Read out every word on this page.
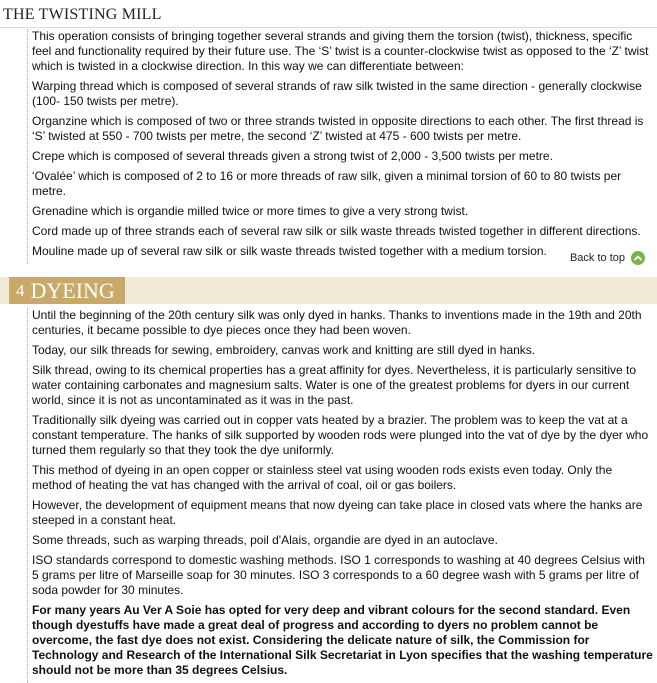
THE TWISTING MILL

This operation consists of bringing together several strands and giving them the torsion (twist), thickness, specific feel and functionality required by their future use. The ‘S’ twist is a counter-clockwise twist as opposed to the ‘Z’ twist which is twisted in a clockwise direction. In this way we can differentiate between:

Warping thread which is composed of several strands of raw silk twisted in the same direction - generally clockwise (100- 150 twists per metre).

Organzine which is composed of two or three strands twisted in opposite directions to each other. The first thread is ‘S’ twisted at 550 - 700 twists per metre, the second ‘Z’ twisted at 475 - 600 twists per metre.

Crepe which is composed of several threads given a strong twist of 2,000 - 3,500 twists per metre.

‘Ovalée’ which is composed of 2 to 16 or more threads of raw silk, given a minimal torsion of 60 to 80 twists per metre.

Grenadine which is organdie milled twice or more times to give a very strong twist.

Cord made up of three strands each of several raw silk or silk waste threads twisted together in different directions.

Mouline made up of several raw silk or silk waste threads twisted together with a medium torsion.	Back to top
4 DYEING

Until the beginning of the 20th century silk was only dyed in hanks. Thanks to inventions made in the 19th and 20th centuries, it became possible to dye pieces once they had been woven.

Today, our silk threads for sewing, embroidery, canvas work and knitting are still dyed in hanks.

Silk thread, owing to its chemical properties has a great affinity for dyes. Nevertheless, it is particularly sensitive to water containing carbonates and magnesium salts. Water is one of the greatest problems for dyers in our current world, since it is not as uncontaminated as it was in the past.

Traditionally silk dyeing was carried out in copper vats heated by a brazier. The problem was to keep the vat at a constant temperature. The hanks of silk supported by wooden rods were plunged into the vat of dye by the dyer who turned them regularly so that they took the dye uniformly.

This method of dyeing in an open copper or stainless steel vat using wooden rods exists even today. Only the method of heating the vat has changed with the arrival of coal, oil or gas boilers.

However, the development of equipment means that now dyeing can take place in closed vats where the hanks are steeped in a constant heat.

Some threads, such as warping threads, poil d'Alais, organdie are dyed in an autoclave.

ISO standards correspond to domestic washing methods. ISO 1 corresponds to washing at 40 degrees Celsius with 5 grams per litre of Marseille soap for 30 minutes. ISO 3 corresponds to a 60 degree wash with 5 grams per litre of soda powder for 30 minutes.

For many years Au Ver A Soie has opted for very deep and vibrant colours for the second standard. Even though dyestuffs have made a great deal of progress and according to dyers no problem cannot be overcome, the fast dye does not exist. Considering the delicate nature of silk, the Commission for Technology and Research of the International Silk Secretariat in Lyon specifies that the washing temperature should not be more than 35 degrees Celsius.
